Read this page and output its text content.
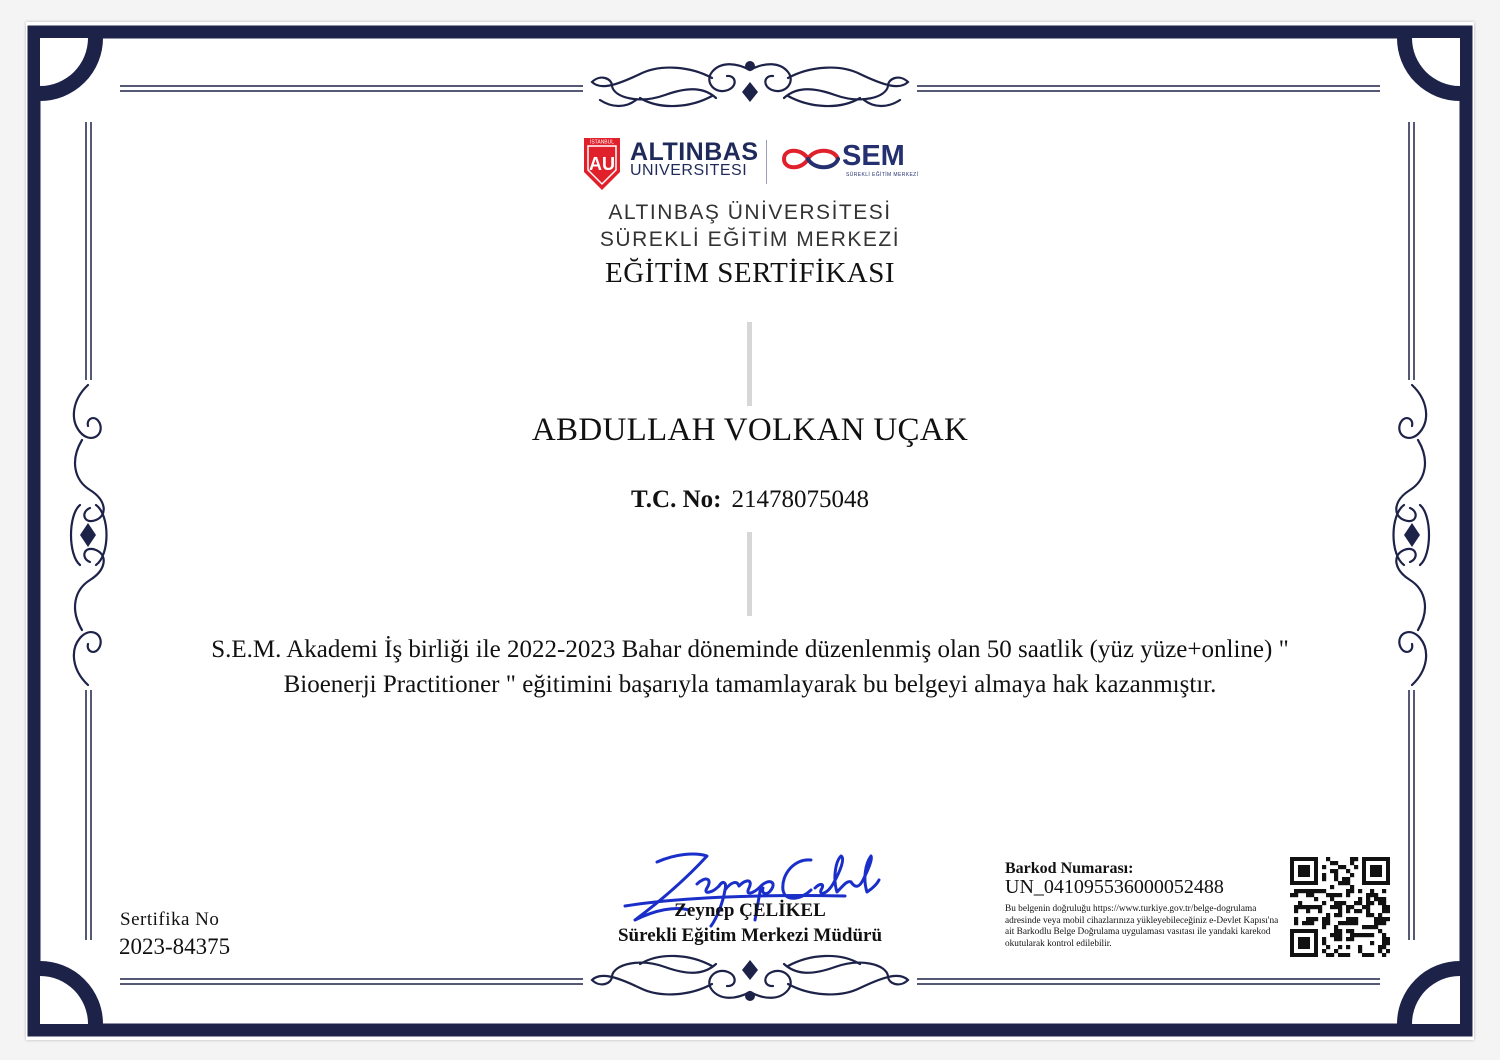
İSTANBUL
AU ALTINBAS
UNIVERSITESI	SEM
SÜREKLİ EĞİTİM MERKEZİ
ALTINBAŞ ÜNİVERSİTESİ
SÜREKLİ EĞİTİM MERKEZİ
EĞİTİM SERTİFİKASI
ABDULLAH VOLKAN UÇAK
T.C. No: 21478075048
S.E.M. Akademi İş birliği ile 2022-2023 Bahar döneminde düzenlenmiş olan 50 saatlik (yüz yüze+online) "
Bioenerji Practitioner " eğitimini başarıyla tamamlayarak bu belgeyi almaya hak kazanmıştır.
Sertifika No
2023-84375
Zeynep ÇELİKEL
Sürekli Eğitim Merkezi Müdürü
Barkod Numarası:
UN_041095536000052488
Bu belgenin doğruluğu https://www.turkiye.gov.tr/belge-dogrulama adresinde veya mobil cihazlarınıza yükleyebileceğiniz e-Devlet Kapısı'na ait Barkodlu Belge Doğrulama uygulaması vasıtası ile yandaki karekod okutularak kontrol edilebilir.
